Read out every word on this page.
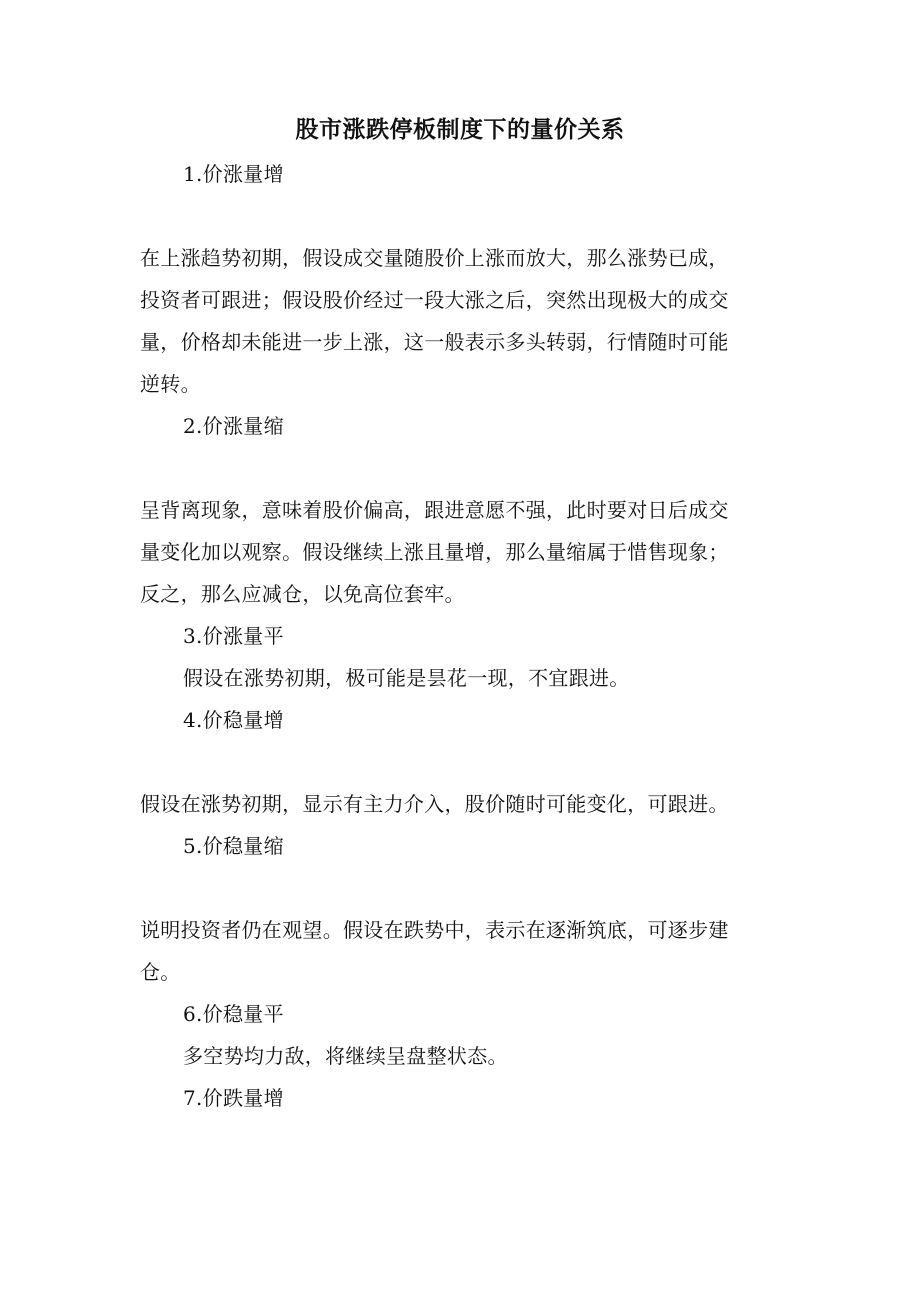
股市涨跌停板制度下的量价关系
1.价涨量增
在上涨趋势初期，假设成交量随股价上涨而放大，那么涨势已成，
投资者可跟进；假设股价经过一段大涨之后，突然出现极大的成交
量，价格却未能进一步上涨，这一般表示多头转弱，行情随时可能
逆转。
2.价涨量缩
呈背离现象，意味着股价偏高，跟进意愿不强，此时要对日后成交
量变化加以观察。假设继续上涨且量增，那么量缩属于惜售现象；
反之，那么应减仓，以免高位套牢。
3.价涨量平
假设在涨势初期，极可能是昙花一现，不宜跟进。
4.价稳量增
假设在涨势初期，显示有主力介入，股价随时可能变化，可跟进。
5.价稳量缩
说明投资者仍在观望。假设在跌势中，表示在逐渐筑底，可逐步建
仓。
6.价稳量平
多空势均力敌，将继续呈盘整状态。
7.价跌量增
